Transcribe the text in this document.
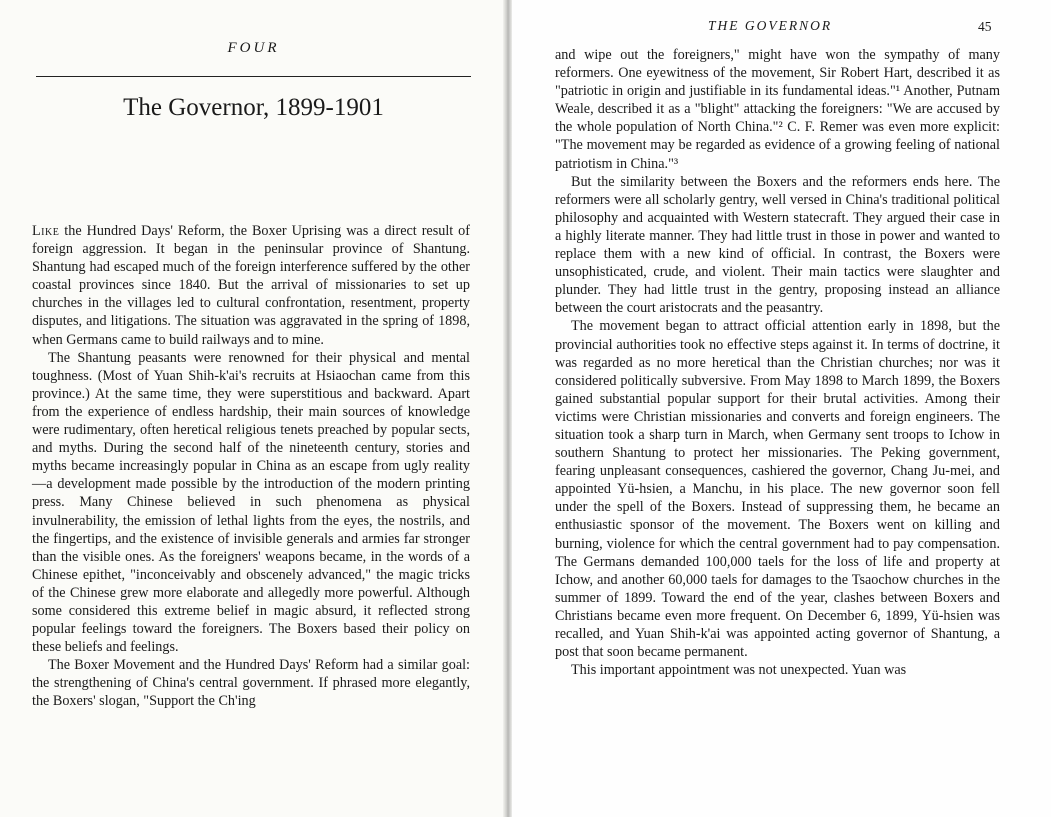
FOUR
The Governor, 1899-1901

Like the Hundred Days' Reform, the Boxer Uprising was a direct result of foreign aggression. It began in the peninsular province of Shantung. Shantung had escaped much of the foreign interference suffered by the other coastal provinces since 1840. But the arrival of missionaries to set up churches in the villages led to cultural confrontation, resentment, property disputes, and litigations. The situation was aggravated in the spring of 1898, when Germans came to build railways and to mine.

The Shantung peasants were renowned for their physical and mental toughness. (Most of Yuan Shih-k'ai's recruits at Hsiaochan came from this province.) At the same time, they were superstitious and backward. Apart from the experience of endless hardship, their main sources of knowledge were rudimentary, often heretical religious tenets preached by popular sects, and myths. During the second half of the nineteenth century, stories and myths became increasingly popular in China as an escape from ugly reality—a development made possible by the introduction of the modern printing press. Many Chinese believed in such phenomena as physical invulnerability, the emission of lethal lights from the eyes, the nostrils, and the fingertips, and the existence of invisible generals and armies far stronger than the visible ones. As the foreigners' weapons became, in the words of a Chinese epithet, "inconceivably and obscenely advanced," the magic tricks of the Chinese grew more elaborate and allegedly more powerful. Although some considered this extreme belief in magic absurd, it reflected strong popular feelings toward the foreigners. The Boxers based their policy on these beliefs and feelings.

The Boxer Movement and the Hundred Days' Reform had a similar goal: the strengthening of China's central government. If phrased more elegantly, the Boxers' slogan, "Support the Ch'ing

THE GOVERNOR	45

and wipe out the foreigners," might have won the sympathy of many reformers. One eyewitness of the movement, Sir Robert Hart, described it as "patriotic in origin and justifiable in its fundamental ideas."¹ Another, Putnam Weale, described it as a "blight" attacking the foreigners: "We are accused by the whole population of North China."² C. F. Remer was even more explicit: "The movement may be regarded as evidence of a growing feeling of national patriotism in China."³

But the similarity between the Boxers and the reformers ends here. The reformers were all scholarly gentry, well versed in China's traditional political philosophy and acquainted with Western statecraft. They argued their case in a highly literate manner. They had little trust in those in power and wanted to replace them with a new kind of official. In contrast, the Boxers were unsophisticated, crude, and violent. Their main tactics were slaughter and plunder. They had little trust in the gentry, proposing instead an alliance between the court aristocrats and the peasantry.

The movement began to attract official attention early in 1898, but the provincial authorities took no effective steps against it. In terms of doctrine, it was regarded as no more heretical than the Christian churches; nor was it considered politically subversive. From May 1898 to March 1899, the Boxers gained substantial popular support for their brutal activities. Among their victims were Christian missionaries and converts and foreign engineers. The situation took a sharp turn in March, when Germany sent troops to Ichow in southern Shantung to protect her missionaries. The Peking government, fearing unpleasant consequences, cashiered the governor, Chang Ju-mei, and appointed Yü-hsien, a Manchu, in his place. The new governor soon fell under the spell of the Boxers. Instead of suppressing them, he became an enthusiastic sponsor of the movement. The Boxers went on killing and burning, violence for which the central government had to pay compensation. The Germans demanded 100,000 taels for the loss of life and property at Ichow, and another 60,000 taels for damages to the Tsaochow churches in the summer of 1899. Toward the end of the year, clashes between Boxers and Christians became even more frequent. On December 6, 1899, Yü-hsien was recalled, and Yuan Shih-k'ai was appointed acting governor of Shantung, a post that soon became permanent.

This important appointment was not unexpected. Yuan was
